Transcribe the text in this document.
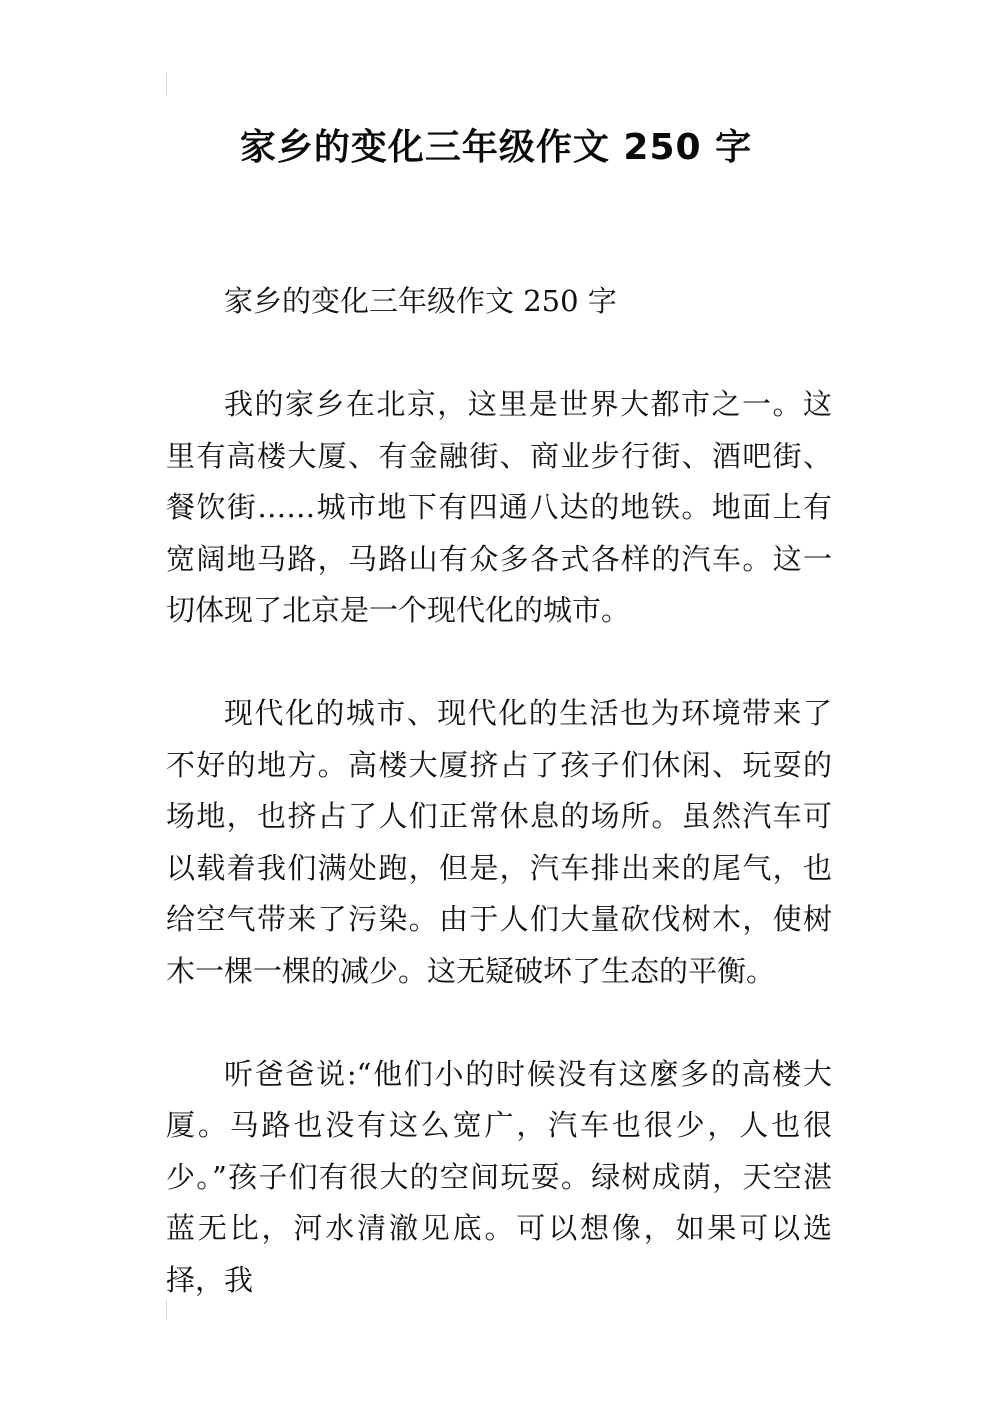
家乡的变化三年级作文 250 字

家乡的变化三年级作文 250 字

我的家乡在北京，这里是世界大都市之一。这里有高楼大厦、有金融街、商业步行街、酒吧街、餐饮街……城市地下有四通八达的地铁。地面上有宽阔地马路，马路山有众多各式各样的汽车。这一切体现了北京是一个现代化的城市。

现代化的城市、现代化的生活也为环境带来了不好的地方。高楼大厦挤占了孩子们休闲、玩耍的场地，也挤占了人们正常休息的场所。虽然汽车可以载着我们满处跑，但是，汽车排出来的尾气，也给空气带来了污染。由于人们大量砍伐树木，使树木一棵一棵的减少。这无疑破坏了生态的平衡。

听爸爸说:“他们小的时候没有这麼多的高楼大厦。马路也没有这么宽广，汽车也很少，人也很少。”孩子们有很大的空间玩耍。绿树成荫，天空湛蓝无比，河水清澈见底。可以想像，如果可以选择，我
